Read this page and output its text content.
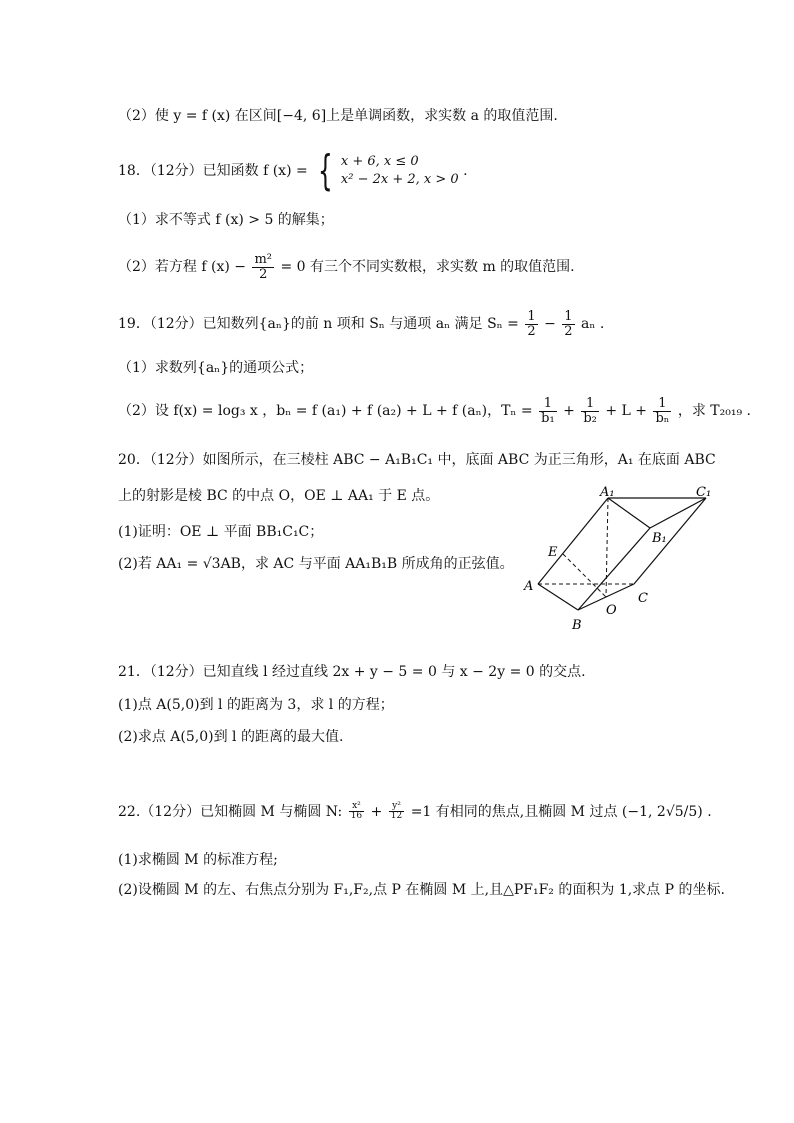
（2）使 y = f (x) 在区间[−4, 6]上是单调函数，求实数 a 的取值范围.
18．（12分）已知函数 f (x) = { x + 6, x ≤ 0
x² − 2x + 2, x > 0
.
（1）求不等式 f (x) > 5 的解集；
（2）若方程 f $(x) - \frac{\text{m²}}{2} = 0$ 有三个不同实数根，求实数 m 的取值范围.
19．（12分）已知数列{aₙ}的前 n 项和 Sₙ 与通项 aₙ 满足 $S_n = \frac{1}{2} - \frac{1}{2}$ aₙ .
（1）求数列{aₙ}的通项公式；
（2）设 f(x) = log₃ x ，bₙ = f (a₁) + f (a₂) + L + f (aₙ)，$T_n = \frac{1}{\text{b₁}} + \frac{1}{\text{b₂}} + L + \frac{1}{\text{bₙ}}$ ，求 T₂₀₁₉ .
20．（12分）如图所示，在三棱柱 ABC − A₁B₁C₁ 中，底面 ABC 为正三角形，A₁ 在底面 ABC
上的射影是棱 BC 的中点 O，OE ⊥ AA₁ 于 E 点。
(1)证明：OE ⊥ 平面 BB₁C₁C；
(2)若 AA₁ = √3AB，求 AC 与平面 AA₁B₁B 所成角的正弦值。
A₁	C₁
B₁
E
A
O
C
B
21．（12分）已知直线 l 经过直线 2x + y − 5 = 0 与 x − 2y = 0 的交点.
(1)点 A(5,0)到 l 的距离为 3，求 l 的方程；
(2)求点 A(5,0)到 l 的距离的最大值.
22.（12分）已知椭圆 M 与椭圆 N: $\frac{\text{x²}}{16} + \frac{\text{y²}}{12} =1$ 有相同的焦点,且椭圆 M 过点 (−1, 2√5/5) .
(1)求椭圆 M 的标准方程;
(2)设椭圆 M 的左、右焦点分别为 F₁,F₂,点 P 在椭圆 M 上,且△PF₁F₂ 的面积为 1,求点 P 的坐标.
